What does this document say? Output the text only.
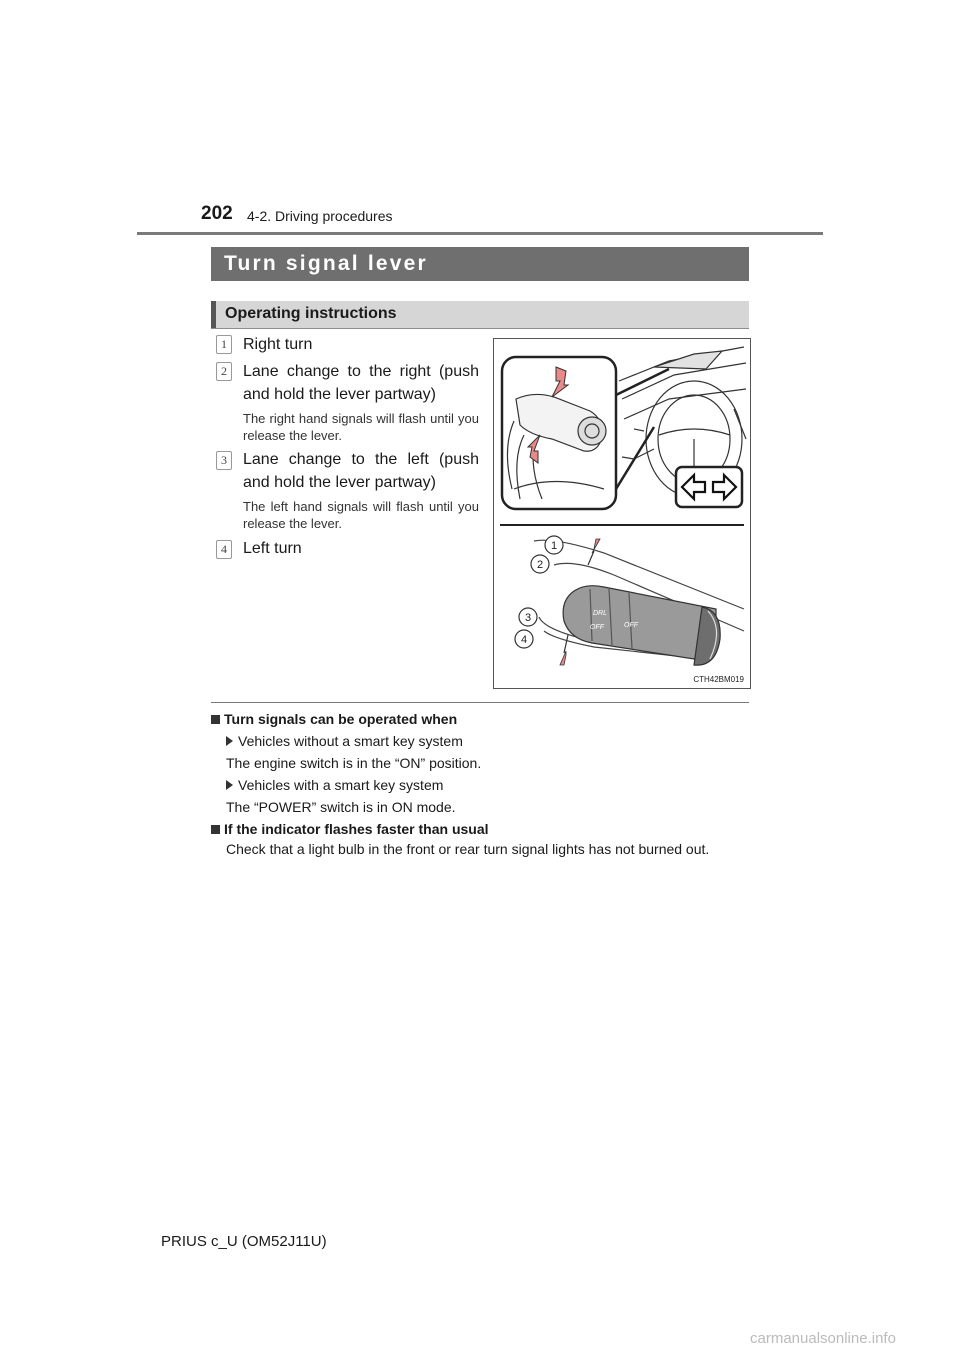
202 4-2. Driving procedures
Turn signal lever
Operating instructions
1	Right turn
2	Lane change to the right (push and hold the lever partway)
The right hand signals will flash until you release the lever.
3	Lane change to the left (push and hold the lever partway)
The left hand signals will flash until you release the lever.
4	Left turn
DRL
OFF	OFF
1
2
3
4
CTH42BM019
Turn signals can be operated when
Vehicles without a smart key system
The engine switch is in the “ON” position.
Vehicles with a smart key system
The “POWER” switch is in ON mode.
If the indicator flashes faster than usual
Check that a light bulb in the front or rear turn signal lights has not burned out.
PRIUS c_U (OM52J11U)
carmanualsonline.info
